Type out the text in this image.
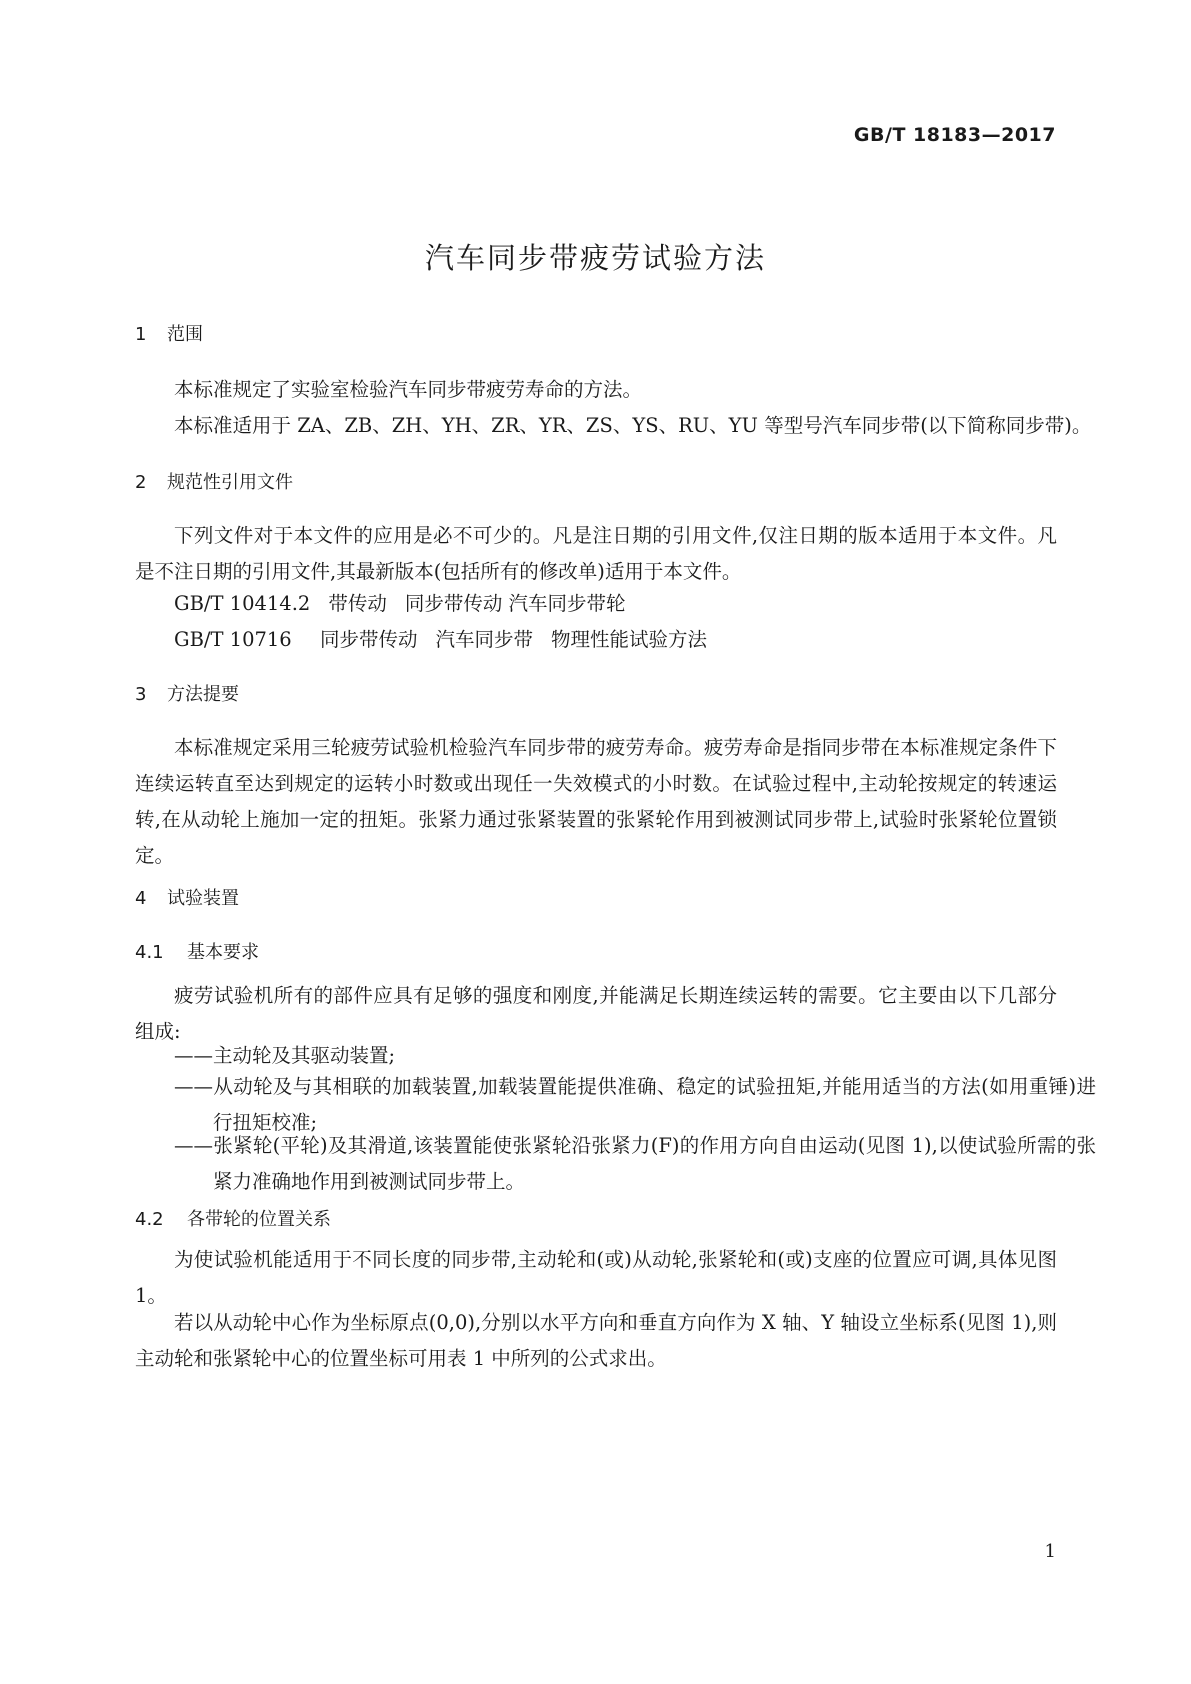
GB/T 18183—2017
汽车同步带疲劳试验方法
1 范围
本标准规定了实验室检验汽车同步带疲劳寿命的方法。
本标准适用于 ZA、ZB、ZH、YH、ZR、YR、ZS、YS、RU、YU 等型号汽车同步带(以下简称同步带)。
2 规范性引用文件

下列文件对于本文件的应用是必不可少的。凡是注日期的引用文件,仅注日期的版本适用于本文件。凡是不注日期的引用文件,其最新版本(包括所有的修改单)适用于本文件。

GB/T 10414.2 带传动 同步带传动 汽车同步带轮
GB/T 10716 同步带传动 汽车同步带 物理性能试验方法
3 方法提要

本标准规定采用三轮疲劳试验机检验汽车同步带的疲劳寿命。疲劳寿命是指同步带在本标准规定条件下连续运转直至达到规定的运转小时数或出现任一失效模式的小时数。在试验过程中,主动轮按规定的转速运转,在从动轮上施加一定的扭矩。张紧力通过张紧装置的张紧轮作用到被测试同步带上,试验时张紧轮位置锁定。

4 试验装置
4.1 基本要求

疲劳试验机所有的部件应具有足够的强度和刚度,并能满足长期连续运转的需要。它主要由以下几部分组成:

——主动轮及其驱动装置;

——从动轮及与其相联的加载装置,加载装置能提供准确、稳定的试验扭矩,并能用适当的方法(如用重锤)进行扭矩校准;

——张紧轮(平轮)及其滑道,该装置能使张紧轮沿张紧力(F)的作用方向自由运动(见图 1),以使试验所需的张紧力准确地作用到被测试同步带上。

4.2 各带轮的位置关系

为使试验机能适用于不同长度的同步带,主动轮和(或)从动轮,张紧轮和(或)支座的位置应可调,具体见图 1。

若以从动轮中心作为坐标原点(0,0),分别以水平方向和垂直方向作为 X 轴、Y 轴设立坐标系(见图 1),则主动轮和张紧轮中心的位置坐标可用表 1 中所列的公式求出。

1
